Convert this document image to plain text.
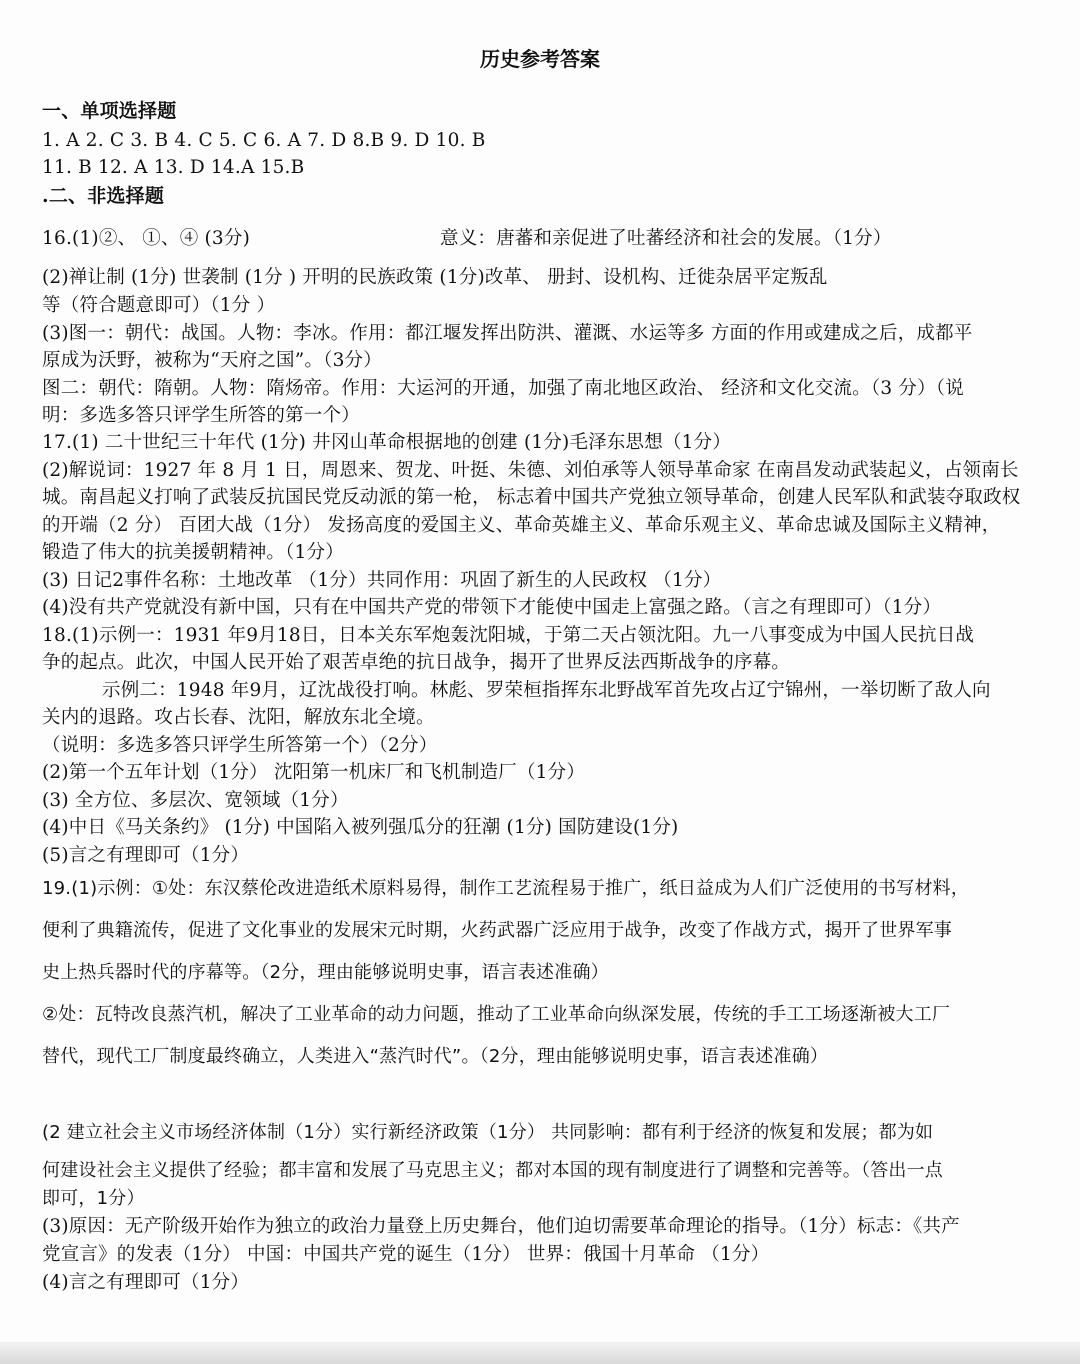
历史参考答案
一、单项选择题
1. A 2. C 3. B 4. C 5. C 6. A 7. D 8.B 9. D 10. B
11. B 12. A 13. D 14.A 15.B
.二、非选择题
16.(1)②、 ①、④ (3分)	意义：唐蕃和亲促进了吐蕃经济和社会的发展。（1分）
(2)禅让制 (1分) 世袭制 (1分 ) 开明的民族政策 (1分)改革、 册封、设机构、迁徙杂居平定叛乱
等（符合题意即可）（1分 ）
(3)图一：朝代：战国。人物：李冰。作用：都江堰发挥出防洪、灌溉、水运等多 方面的作用或建成之后，成都平
原成为沃野，被称为“天府之国”。（3分）
图二：朝代：隋朝。人物：隋炀帝。作用：大运河的开通，加强了南北地区政治、 经济和文化交流。（3 分）（说
明：多选多答只评学生所答的第一个）
17.(1) 二十世纪三十年代 (1分) 井冈山革命根据地的创建 (1分)毛泽东思想（1分）
(2)解说词：1927 年 8 月 1 日，周恩来、贺龙、叶挺、朱德、刘伯承等人领导革命家 在南昌发动武装起义，占领南长
城。南昌起义打响了武装反抗国民党反动派的第一枪， 标志着中国共产党独立领导革命，创建人民军队和武装夺取政权
的开端（2 分） 百团大战（1分） 发扬高度的爱国主义、革命英雄主义、革命乐观主义、革命忠诚及国际主义精神，
锻造了伟大的抗美援朝精神。（1分）
(3) 日记2事件名称：土地改革 （1分）共同作用：巩固了新生的人民政权 （1分）
(4)没有共产党就没有新中国，只有在中国共产党的带领下才能使中国走上富强之路。（言之有理即可）（1分）
18.(1)示例一：1931 年9月18日，日本关东军炮轰沈阳城，于第二天占领沈阳。九一八事变成为中国人民抗日战
争的起点。此次，中国人民开始了艰苦卓绝的抗日战争，揭开了世界反法西斯战争的序幕。
示例二：1948 年9月，辽沈战役打响。林彪、罗荣桓指挥东北野战军首先攻占辽宁锦州，一举切断了敌人向
关内的退路。攻占长春、沈阳，解放东北全境。
（说明：多选多答只评学生所答第一个）（2分）
(2)第一个五年计划（1分） 沈阳第一机床厂和飞机制造厂（1分）
(3) 全方位、多层次、宽领域（1分）
(4)中日《马关条约》 (1分) 中国陷入被列强瓜分的狂潮 (1分) 国防建设(1分)
(5)言之有理即可（1分）
19.(1)示例：①处：东汉蔡伦改进造纸术原料易得，制作工艺流程易于推广，纸日益成为人们广泛使用的书写材料，
便利了典籍流传，促进了文化事业的发展宋元时期，火药武器广泛应用于战争，改变了作战方式，揭开了世界军事
史上热兵器时代的序幕等。（2分，理由能够说明史事，语言表述准确）
②处：瓦特改良蒸汽机，解决了工业革命的动力问题，推动了工业革命向纵深发展，传统的手工工场逐渐被大工厂
替代，现代工厂制度最终确立，人类进入“蒸汽时代”。（2分，理由能够说明史事，语言表述准确）
(2 建立社会主义市场经济体制（1分）实行新经济政策（1分） 共同影响：都有利于经济的恢复和发展；都为如
何建设社会主义提供了经验；都丰富和发展了马克思主义；都对本国的现有制度进行了调整和完善等。（答出一点
即可，1分）
(3)原因：无产阶级开始作为独立的政治力量登上历史舞台，他们迫切需要革命理论的指导。（1分）标志：《共产
党宣言》的发表（1分） 中国：中国共产党的诞生（1分） 世界：俄国十月革命 （1分）
(4)言之有理即可（1分）
